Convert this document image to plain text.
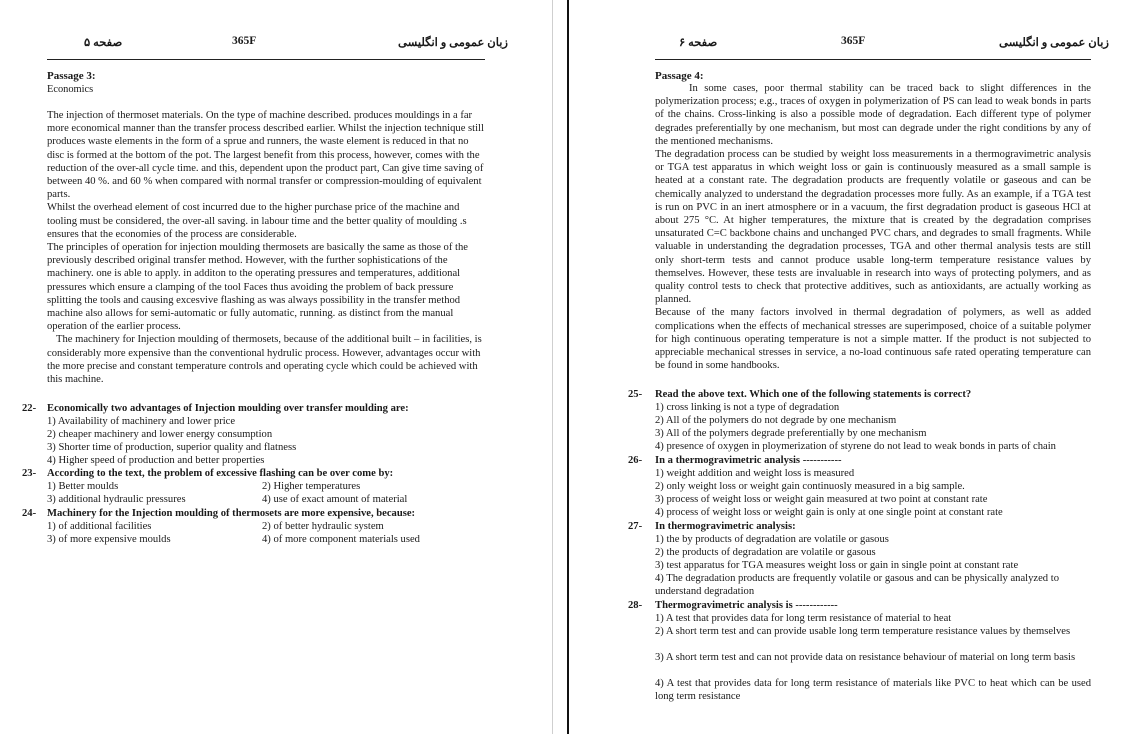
صفحه ۵	365F	زبان عمومی و انگلیسی
Passage 3:
Economics

The injection of thermoset materials. On the type of machine described. produces mouldings in a far more economical manner than the transfer process described earlier. Whilst the injection technique still produces waste elements in the form of a sprue and runners, the waste element is reduced in that no disc is formed at the bottom of the pot. The largest benefit from this process, however, comes with the reduction of the over-all cycle time. and this, dependent upon the product part, Can give time saving of between 40 %. and 60 % when compared with normal transfer or compression-moulding of equivalent parts.

Whilst the overhead element of cost incurred due to the higher purchase price of the machine and tooling must be considered, the over-all saving. in labour time and the better quality of moulding .s ensures that the economies of the process are considerable.

The principles of operation for injection moulding thermosets are basically the same as those of the previously described original transfer method. However, with the further sophistications of the machinery. one is able to apply. in additon to the operating pressures and temperatures, additional pressures which ensure a clamping of the tool Faces thus avoiding the problem of back pressure splitting the tools and causing excesvive flashing as was always possibility in the transfer method machine also allows for semi-automatic or fully automatic, running. as distinct from the manual operation of the earlier process.

The machinery for Injection moulding of thermosets, because of the additional built – in facilities, is considerably more expensive than the conventional hydrulic process. However, advantages occur with the more precise and constant temperature controls and operating cycle which could be achieved with this machine.

22- Economically two advantages of Injection moulding over transfer moulding are:
1) Availability of machinery and lower price
2) cheaper machinery and lower energy consumption
3) Shorter time of production, superior quality and flatness
4) Higher speed of production and better properties
23- According to the text, the problem of excessive flashing can be over come by:
1) Better moulds	2) Higher temperatures
3) additional hydraulic pressures	4) use of exact amount of material
24- Machinery for the Injection moulding of thermosets are more expensive, because:
1) of additional facilities	2) of better hydraulic system
3) of more expensive moulds	4) of more component materials used
صفحه ۶	365F	زبان عمومی و انگلیسی
Passage 4:

In some cases, poor thermal stability can be traced back to slight differences in the polymerization process; e.g., traces of oxygen in polymerization of PS can lead to weak bonds in parts of the chains. Cross-linking is also a possible mode of degradation. Each different type of polymer degrades preferentially by one mechanism, but most can degrade under the right conditions by any of the mentioned mechanisms.

The degradation process can be studied by weight loss measurements in a thermogravimetric analysis or TGA test apparatus in which weight loss or gain is continuously measured as a small sample is heated at a constant rate. The degradation products are frequently volatile or gaseous and can be chemically analyzed to understand the degradation processes more fully. As an example, if a TGA test is run on PVC in an inert atmosphere or in a vacuum, the first degradation product is gaseous HCl at about 275 °C. At higher temperatures, the mixture that is created by the degradation comprises unsaturated C=C backbone chains and unchanged PVC chars, and degrades to small fragments. While valuable in understanding the degradation processes, TGA and other thermal analysis tests are still only short-term tests and cannot produce usable long-term temperature resistance values by themselves. However, these tests are invaluable in research into ways of protecting polymers, and as quality control tests to check that protective additives, such as antioxidants, are actually working as planned.

Because of the many factors involved in thermal degradation of polymers, as well as added complications when the effects of mechanical stresses are superimposed, choice of a suitable polymer for high continuous operating temperature is not a simple matter. If the product is not subjected to appreciable mechanical stresses in service, a no-load continuous safe rated operating temperature can be found in some handbooks.

25- Read the above text. Which one of the following statements is correct?
1) cross linking is not a type of degradation
2) All of the polymers do not degrade by one mechanism
3) All of the polymers degrade preferentially by one mechanism
4) presence of oxygen in ploymerization of styrene do not lead to weak bonds in parts of chain
26- In a thermogravimetric analysis -----------
1) weight addition and weight loss is measured
2) only weight loss or weight gain continuosly measured in a big sample.
3) process of weight loss or weight gain measured at two point at constant rate
4) process of weight loss or weight gain is only at one single point at constant rate
27- In thermogravimetric analysis:
1) the by products of degradation are volatile or gasous
2) the products of degradation are volatile or gasous
3) test apparatus for TGA measures weight loss or gain in single point at constant rate
4) The degradation products are frequently volatile or gasous and can be physically analyzed to understand degradation
28- Thermogravimetric analysis is ------------
1) A test that provides data for long term resistance of material to heat
2) A short term test and can provide usable long term temperature resistance values by themselves
3) A short term test and can not provide data on resistance behaviour of material on long term basis
4) A test that provides data for long term resistance of materials like PVC to heat which can be used long term resistance
